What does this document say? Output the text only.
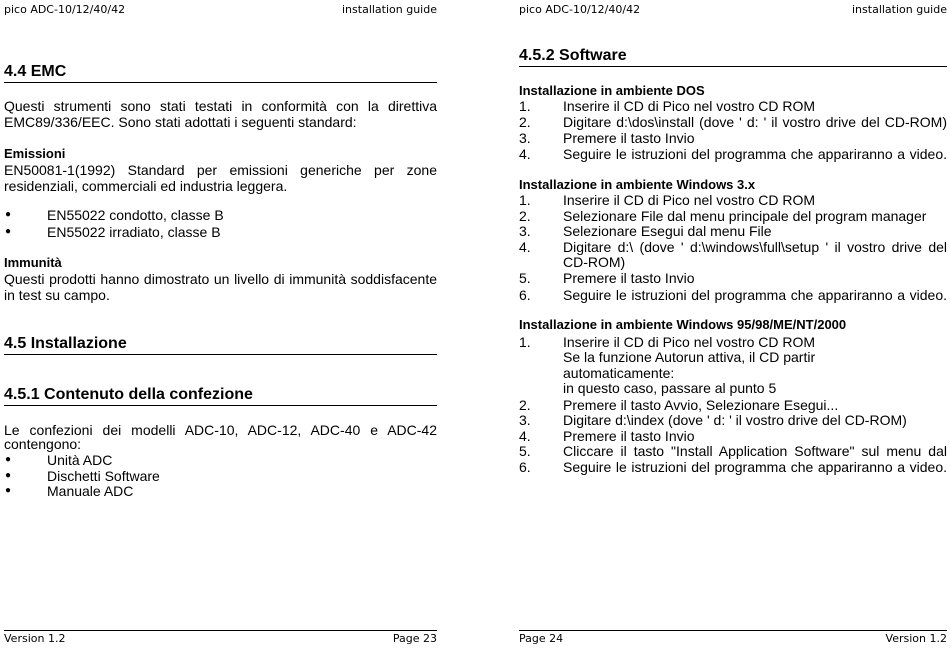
pico ADC-10/12/40/42	installation guide
4.4 EMC
Questi strumenti sono stati testati in conformità con la direttiva
EMC89/336/EEC. Sono stati adottati i seguenti standard:
Emissioni
EN50081-1(1992) Standard per emissioni generiche per zone
residenziali, commerciali ed industria leggera.
●	EN55022 condotto, classe B
●	EN55022 irradiato, classe B
Immunità
Questi prodotti hanno dimostrato un livello di immunità soddisfacente
in test su campo.
4.5 Installazione
4.5.1 Contenuto della confezione
Le confezioni dei modelli ADC-10, ADC-12, ADC-40 e ADC-42
contengono:
●	Unità ADC
●	Dischetti Software
●	Manuale ADC
Version 1.2	Page 23
pico ADC-10/12/40/42	installation guide
4.5.2 Software
Installazione in ambiente DOS
1. Inserire il CD di Pico nel vostro CD ROM
2. Digitare d:\dos\install (dove ' d: ' il vostro drive del CD-ROM)
3. Premere il tasto Invio
4. Seguire le istruzioni del programma che appariranno a video.
Installazione in ambiente Windows 3.x
1. Inserire il CD di Pico nel vostro CD ROM
2. Selezionare File dal menu principale del program manager
3. Selezionare Esegui dal menu File
4. Digitare d:\ (dove ' d:\windows\full\setup ' il vostro drive del
CD-ROM)
5. Premere il tasto Invio
6. Seguire le istruzioni del programma che appariranno a video.
Installazione in ambiente Windows 95/98/ME/NT/2000
1. Inserire il CD di Pico nel vostro CD ROM
Se la funzione Autorun attiva, il CD partir
automaticamente:
in questo caso, passare al punto 5
2. Premere il tasto Avvio, Selezionare Esegui...
3. Digitare d:\index (dove ' d: ' il vostro drive del CD-ROM)
4. Premere il tasto Invio
5. Cliccare il tasto "Install Application Software" sul menu dal
6. Seguire le istruzioni del programma che appariranno a video.
Page 24	Version 1.2
